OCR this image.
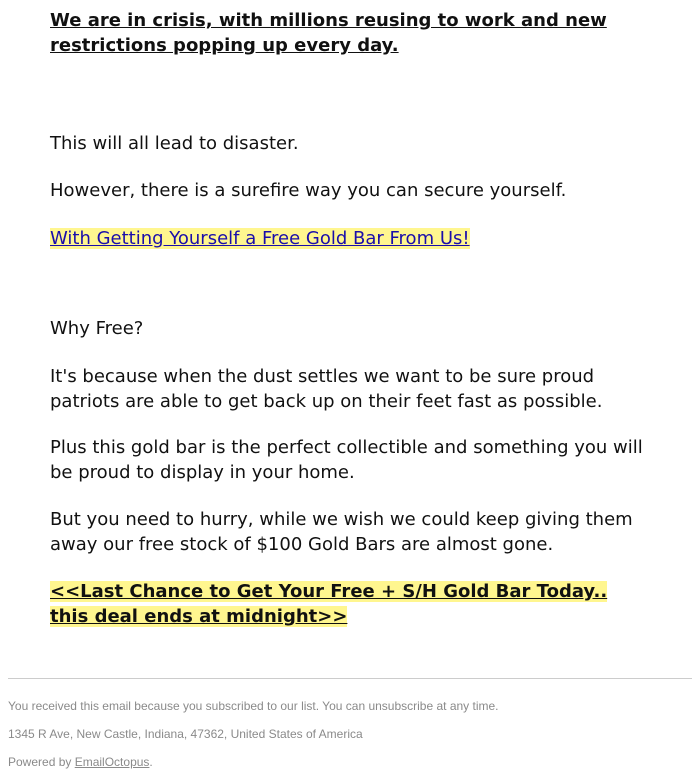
We are in crisis, with millions reusing to work and new restrictions popping up every day.

This will all lead to disaster.

However, there is a surefire way you can secure yourself.

With Getting Yourself a Free Gold Bar From Us!

Why Free?

It's because when the dust settles we want to be sure proud patriots are able to get back up on their feet fast as possible.

Plus this gold bar is the perfect collectible and something you will be proud to display in your home.

But you need to hurry, while we wish we could keep giving them away our free stock of $100 Gold Bars are almost gone.

<<Last Chance to Get Your Free + S/H Gold Bar Today..
this deal ends at midnight>>

You received this email because you subscribed to our list. You can unsubscribe at any time.

1345 R Ave, New Castle, Indiana, 47362, United States of America

Powered by EmailOctopus.
